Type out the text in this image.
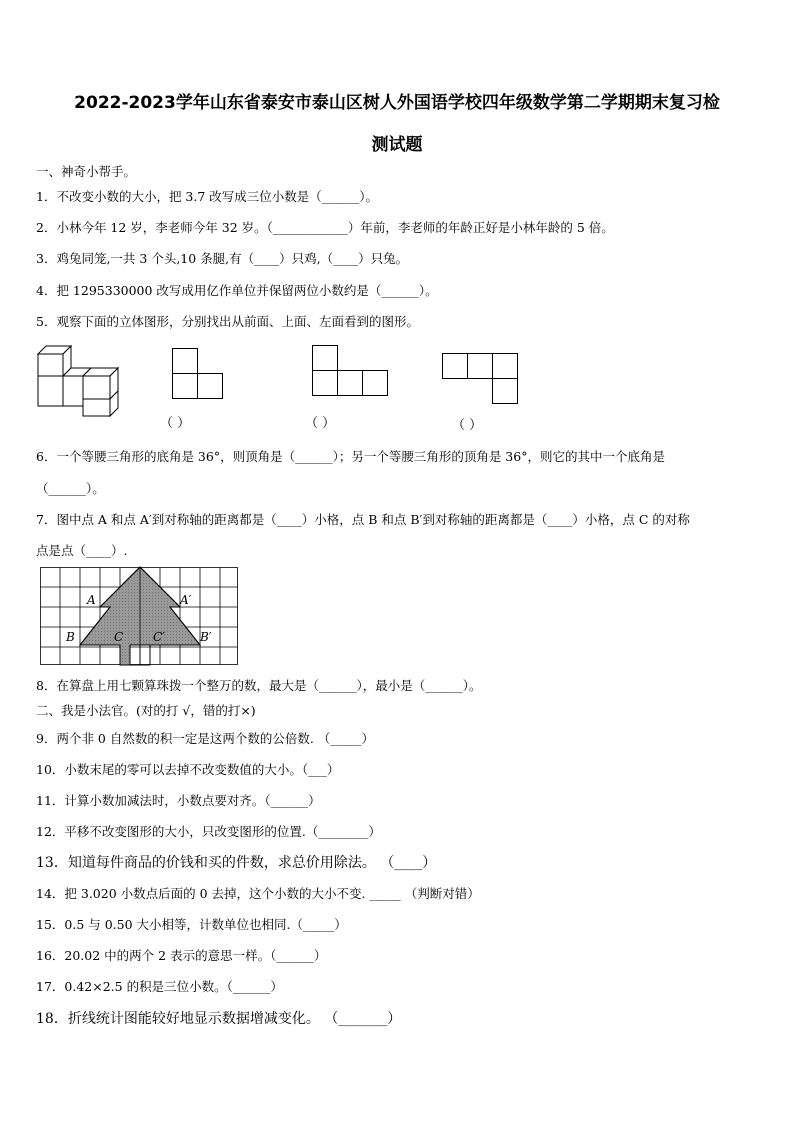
2022-2023学年山东省泰安市泰山区树人外国语学校四年级数学第二学期期末复习检
测试题
一、神奇小帮手。
1．不改变小数的大小，把 3.7 改写成三位小数是（______）。
2．小林今年 12 岁，李老师今年 32 岁。（____________）年前，李老师的年龄正好是小林年龄的 5 倍。
3．鸡兔同笼,一共 3 个头,10 条腿,有（____）只鸡,（____）只兔。
4．把 1295330000 改写成用亿作单位并保留两位小数约是（______）。
5．观察下面的立体图形，分别找出从前面、上面、左面看到的图形。
（ ）	（ ）	（ ）
6．一个等腰三角形的底角是 36°，则顶角是（______）；另一个等腰三角形的顶角是 36°，则它的其中一个底角是
（______）。
7．图中点 A 和点 A′到对称轴的距离都是（____）小格，点 B 和点 B′到对称轴的距离都是（____）小格，点 C 的对称
点是点（____）.
A	A′
B	B′
C C′
8．在算盘上用七颗算珠拨一个整万的数，最大是（______），最小是（______）。
二、我是小法官。(对的打 √，错的打×)
9．两个非 0 自然数的积一定是这两个数的公倍数. （_____）
10．小数末尾的零可以去掉不改变数值的大小。（___）
11．计算小数加减法时，小数点要对齐。（______）
12．平移不改变图形的大小，只改变图形的位置.（________）
13．知道每件商品的价钱和买的件数，求总价用除法。 （____）
14．把 3.020 小数点后面的 0 去掉，这个小数的大小不变. _____ （判断对错）
15．0.5 与 0.50 大小相等，计数单位也相同.（_____）
16．20.02 中的两个 2 表示的意思一样。（______）
17．0.42×2.5 的积是三位小数。（______）
18．折线统计图能较好地显示数据增减变化。 （_______）
